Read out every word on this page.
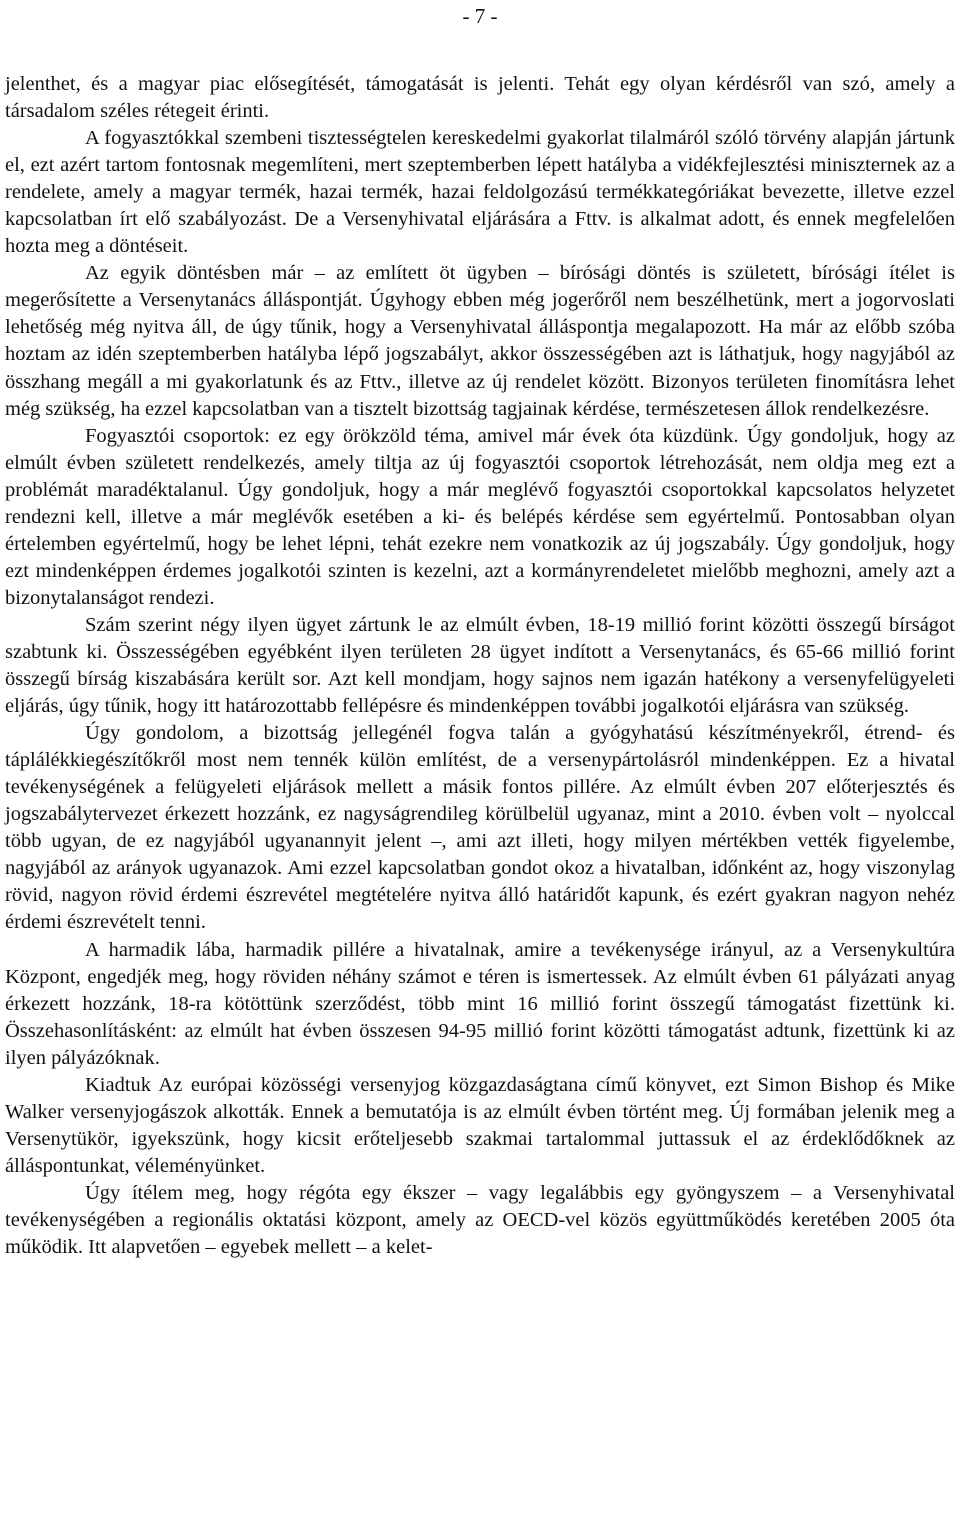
- 7 -

jelenthet, és a magyar piac elősegítését, támogatását is jelenti. Tehát egy olyan kérdésről van szó, amely a társadalom széles rétegeit érinti.

A fogyasztókkal szembeni tisztességtelen kereskedelmi gyakorlat tilalmáról szóló törvény alapján jártunk el, ezt azért tartom fontosnak megemlíteni, mert szeptemberben lépett hatályba a vidékfejlesztési miniszternek az a rendelete, amely a magyar termék, hazai termék, hazai feldolgozású termékkategóriákat bevezette, illetve ezzel kapcsolatban írt elő szabályozást. De a Versenyhivatal eljárására a Fttv. is alkalmat adott, és ennek megfelelően hozta meg a döntéseit.

Az egyik döntésben már – az említett öt ügyben – bírósági döntés is született, bírósági ítélet is megerősítette a Versenytanács álláspontját. Úgyhogy ebben még jogerőről nem beszélhetünk, mert a jogorvoslati lehetőség még nyitva áll, de úgy tűnik, hogy a Versenyhivatal álláspontja megalapozott. Ha már az előbb szóba hoztam az idén szeptemberben hatályba lépő jogszabályt, akkor összességében azt is láthatjuk, hogy nagyjából az összhang megáll a mi gyakorlatunk és az Fttv., illetve az új rendelet között. Bizonyos területen finomításra lehet még szükség, ha ezzel kapcsolatban van a tisztelt bizottság tagjainak kérdése, természetesen állok rendelkezésre.

Fogyasztói csoportok: ez egy örökzöld téma, amivel már évek óta küzdünk. Úgy gondoljuk, hogy az elmúlt évben született rendelkezés, amely tiltja az új fogyasztói csoportok létrehozását, nem oldja meg ezt a problémát maradéktalanul. Úgy gondoljuk, hogy a már meglévő fogyasztói csoportokkal kapcsolatos helyzetet rendezni kell, illetve a már meglévők esetében a ki- és belépés kérdése sem egyértelmű. Pontosabban olyan értelemben egyértelmű, hogy be lehet lépni, tehát ezekre nem vonatkozik az új jogszabály. Úgy gondoljuk, hogy ezt mindenképpen érdemes jogalkotói szinten is kezelni, azt a kormányrendeletet mielőbb meghozni, amely azt a bizonytalanságot rendezi.

Szám szerint négy ilyen ügyet zártunk le az elmúlt évben, 18-19 millió forint közötti összegű bírságot szabtunk ki. Összességében egyébként ilyen területen 28 ügyet indított a Versenytanács, és 65-66 millió forint összegű bírság kiszabására került sor. Azt kell mondjam, hogy sajnos nem igazán hatékony a versenyfelügyeleti eljárás, úgy tűnik, hogy itt határozottabb fellépésre és mindenképpen további jogalkotói eljárásra van szükség.

Úgy gondolom, a bizottság jellegénél fogva talán a gyógyhatású készítményekről, étrend- és táplálékkiegészítőkről most nem tennék külön említést, de a versenypártolásról mindenképpen. Ez a hivatal tevékenységének a felügyeleti eljárások mellett a másik fontos pillére. Az elmúlt évben 207 előterjesztés és jogszabálytervezet érkezett hozzánk, ez nagyságrendileg körülbelül ugyanaz, mint a 2010. évben volt – nyolccal több ugyan, de ez nagyjából ugyanannyit jelent –, ami azt illeti, hogy milyen mértékben vették figyelembe, nagyjából az arányok ugyanazok. Ami ezzel kapcsolatban gondot okoz a hivatalban, időnként az, hogy viszonylag rövid, nagyon rövid érdemi észrevétel megtételére nyitva álló határidőt kapunk, és ezért gyakran nagyon nehéz érdemi észrevételt tenni.

A harmadik lába, harmadik pillére a hivatalnak, amire a tevékenysége irányul, az a Versenykultúra Központ, engedjék meg, hogy röviden néhány számot e téren is ismertessek. Az elmúlt évben 61 pályázati anyag érkezett hozzánk, 18-ra kötöttünk szerződést, több mint 16 millió forint összegű támogatást fizettünk ki. Összehasonlításként: az elmúlt hat évben összesen 94-95 millió forint közötti támogatást adtunk, fizettünk ki az ilyen pályázóknak.

Kiadtuk Az európai közösségi versenyjog közgazdaságtana című könyvet, ezt Simon Bishop és Mike Walker versenyjogászok alkották. Ennek a bemutatója is az elmúlt évben történt meg. Új formában jelenik meg a Versenytükör, igyekszünk, hogy kicsit erőteljesebb szakmai tartalommal juttassuk el az érdeklődőknek az álláspontunkat, véleményünket.

Úgy ítélem meg, hogy régóta egy ékszer – vagy legalábbis egy gyöngyszem – a Versenyhivatal tevékenységében a regionális oktatási központ, amely az OECD-vel közös együttműködés keretében 2005 óta működik. Itt alapvetően – egyebek mellett – a kelet-
